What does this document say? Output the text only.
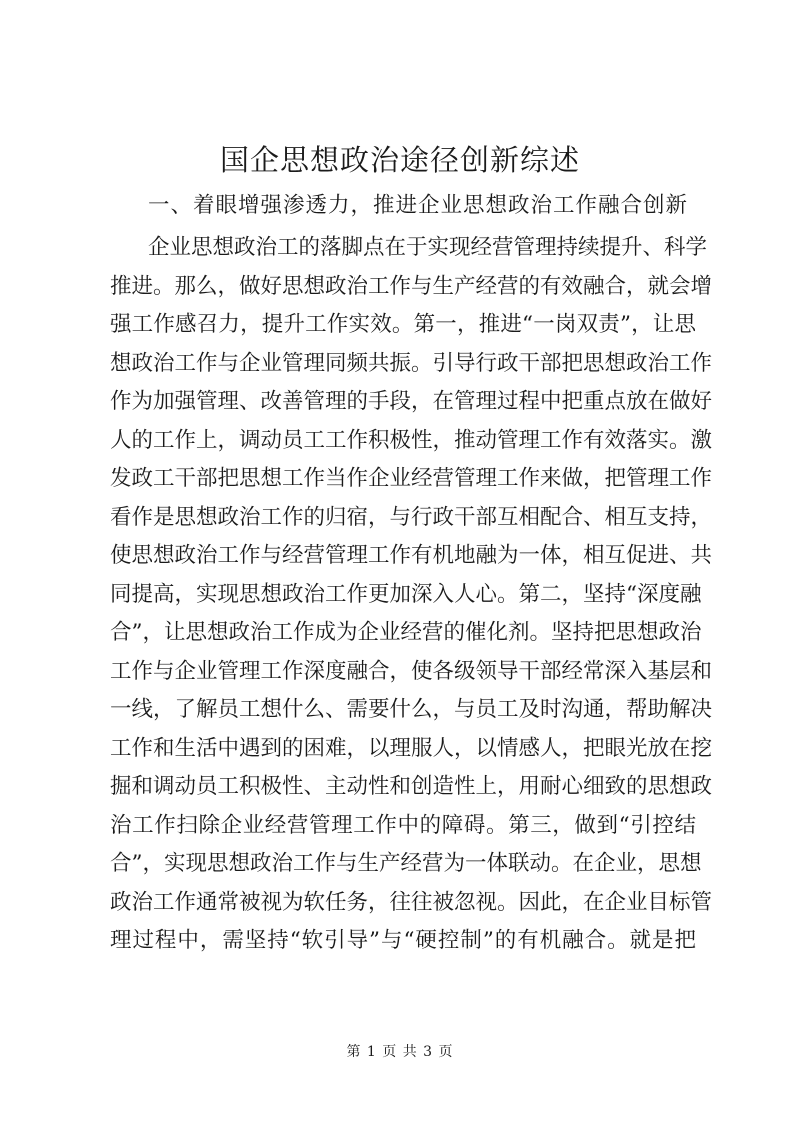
国企思想政治途径创新综述

一、着眼增强渗透力，推进企业思想政治工作融合创新

企业思想政治工的落脚点在于实现经营管理持续提升、科学
推进。那么，做好思想政治工作与生产经营的有效融合，就会增
强工作感召力，提升工作实效。第一，推进“一岗双责”，让思
想政治工作与企业管理同频共振。引导行政干部把思想政治工作
作为加强管理、改善管理的手段，在管理过程中把重点放在做好
人的工作上，调动员工工作积极性，推动管理工作有效落实。激
发政工干部把思想工作当作企业经营管理工作来做，把管理工作
看作是思想政治工作的归宿，与行政干部互相配合、相互支持，
使思想政治工作与经营管理工作有机地融为一体，相互促进、共
同提高，实现思想政治工作更加深入人心。第二，坚持“深度融
合”，让思想政治工作成为企业经营的催化剂。坚持把思想政治
工作与企业管理工作深度融合，使各级领导干部经常深入基层和
一线，了解员工想什么、需要什么，与员工及时沟通，帮助解决
工作和生活中遇到的困难，以理服人，以情感人，把眼光放在挖
掘和调动员工积极性、主动性和创造性上，用耐心细致的思想政
治工作扫除企业经营管理工作中的障碍。第三，做到“引控结
合”，实现思想政治工作与生产经营为一体联动。在企业，思想
政治工作通常被视为软任务，往往被忽视。因此，在企业目标管
理过程中，需坚持“软引导”与“硬控制”的有机融合。就是把
第 1 页 共 3 页
